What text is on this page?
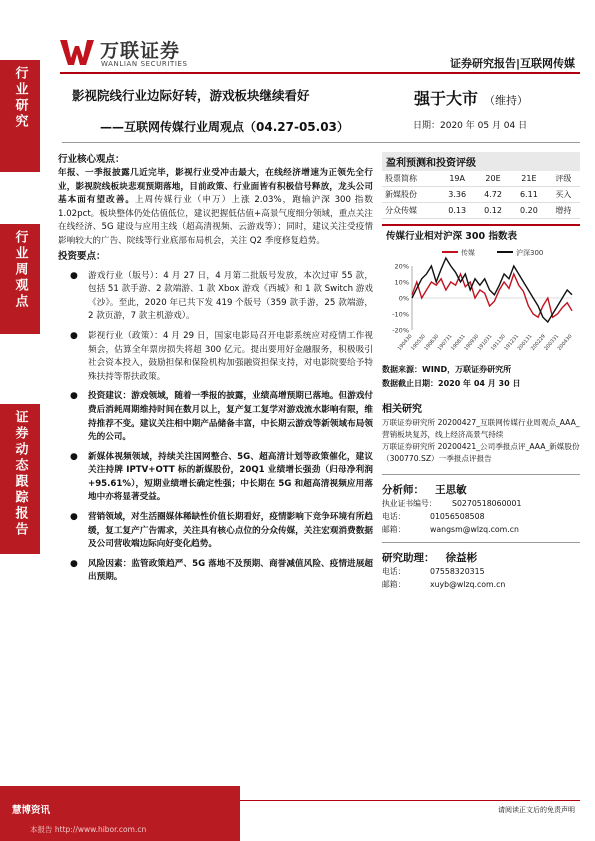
万联证券
WANLIAN SECURITIES	证券研究报告|互联网传媒
行业研究
行业周观点
证券动态跟踪报告
影视院线行业边际好转，游戏板块继续看好
——互联网传媒行业周观点（04.27-05.03）
强于大市 （维持）
日期：2020 年 05 月 04 日
行业核心观点：

年报、一季报披露几近完毕，影视行业受冲击最大，在线经济增速为正领先全行业，影视院线板块悲观预期落地，目前政策、行业面皆有积极信号释放，龙头公司基本面有望改善。上周传媒行业（申万）上涨 2.03%，跑输沪深 300 指数 1.02pct。板块整体仍处估值低位，建议把握低估值+高景气度细分领域，重点关注在线经济、5G 建设与应用主线（超高清视频、云游戏等）；同时，建议关注受疫情影响较大的广告、院线等行业底部布局机会，关注 Q2 季度修复趋势。

投资要点：
● 游戏行业（版号）：4 月 27 日，4 月第二批版号发放，本次过审 55 款，包括 51 款手游、2 款端游、1 款 Xbox 游戏《西城》和 1 款 Switch 游戏《沙》。至此，2020 年已共下发 419 个版号（359 款手游，25 款端游，2 款页游，7 款主机游戏）。

● 影视行业（政策）：4 月 29 日，国家电影局召开电影系统应对疫情工作视频会，估算全年票房损失将超 300 亿元。提出要用好金融服务，积极吸引社会资本投入，鼓励担保和保险机构加强融资担保支持，对电影院要给予特殊扶持等帮扶政策。

● 投资建议：游戏领域，随着一季报的披露，业绩高增预期已落地。但游戏付费后消耗周期维持时间在数月以上，复产复工复学对游戏流水影响有限，维持推荐不变。建议关注相中期产品储备丰富，中长期云游戏等新领域布局领先的公司。

● 新媒体视频领域，持续关注国网整合、5G、超高清计划等政策催化，建议关注持牌 IPTV+OTT 标的新媒股份，20Q1 业绩增长强劲（归母净利润+95.61%），短期业绩增长确定性强；中长期在 5G 和超高清视频应用落地中亦将显著受益。

● 营销领域，对生活圈媒体稀缺性价值长期看好，疫情影响下竞争环境有所趋缓，复工复产广告需求，关注具有核心点位的分众传媒，关注宏观消费数据及公司营收端边际向好变化趋势。

● 风险因素：监管政策趋严、5G 落地不及预期、商誉减值风险、疫情进展超出预期。

盈利预测和投资评级
股票简称	19A	20E	21E	评级
新媒股份	3.36	4.72	6.11	买入
分众传媒	0.13	0.12	0.20	增持
传媒行业相对沪深 300 指数表
传媒	沪深300
20%
10%
0%
-10%
-20%
190430
190530
190630
190731
190831
190930
191031
191130
191231
200131
200229
200331
200430
数据来源：WIND，万联证券研究所
数据截止日期：2020 年 04 月 30 日
相关研究
万联证券研究所 20200427_互联网传媒行业周观点_AAA_营销板块复苏，线上经济高景气持续
万联证券研究所 20200421_公司季报点评_AAA_新媒股份（300770.SZ）一季报点评报告
分析师： 王思敏
执业证书编号： S0270518060001
电话：	01056508508
邮箱：	wangsm@wlzq.com.cn
研究助理： 徐益彬
电话：	07558320315
邮箱：	xuyb@wlzq.com.cn
慧博资讯
本报告 http://www.hibor.com.cn
请阅读正文后的免责声明
